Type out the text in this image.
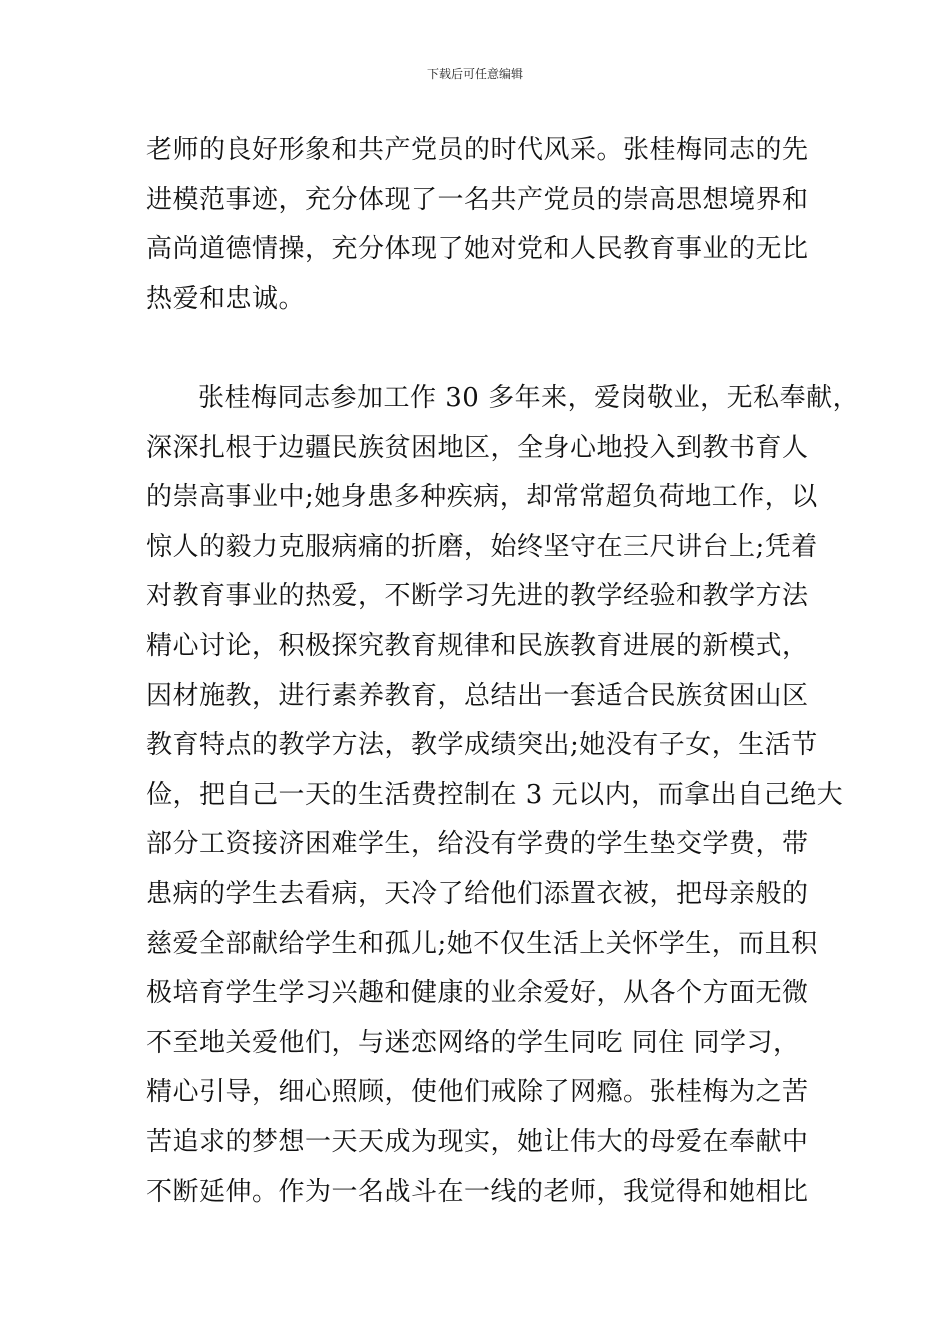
下载后可任意编辑
老师的良好形象和共产党员的时代风采。张桂梅同志的先
进模范事迹，充分体现了一名共产党员的崇高思想境界和
高尚道德情操，充分体现了她对党和人民教育事业的无比
热爱和忠诚。
张桂梅同志参加工作 30 多年来，爱岗敬业，无私奉献，
深深扎根于边疆民族贫困地区，全身心地投入到教书育人
的崇高事业中;她身患多种疾病，却常常超负荷地工作，以
惊人的毅力克服病痛的折磨，始终坚守在三尺讲台上;凭着
对教育事业的热爱，不断学习先进的教学经验和教学方法
精心讨论，积极探究教育规律和民族教育进展的新模式，
因材施教，进行素养教育，总结出一套适合民族贫困山区
教育特点的教学方法，教学成绩突出;她没有子女，生活节
俭，把自己一天的生活费控制在 3 元以内，而拿出自己绝大
部分工资接济困难学生，给没有学费的学生垫交学费，带
患病的学生去看病，天冷了给他们添置衣被，把母亲般的
慈爱全部献给学生和孤儿;她不仅生活上关怀学生，而且积
极培育学生学习兴趣和健康的业余爱好，从各个方面无微
不至地关爱他们，与迷恋网络的学生同吃 同住 同学习，
精心引导，细心照顾，使他们戒除了网瘾。张桂梅为之苦
苦追求的梦想一天天成为现实，她让伟大的母爱在奉献中
不断延伸。作为一名战斗在一线的老师，我觉得和她相比
